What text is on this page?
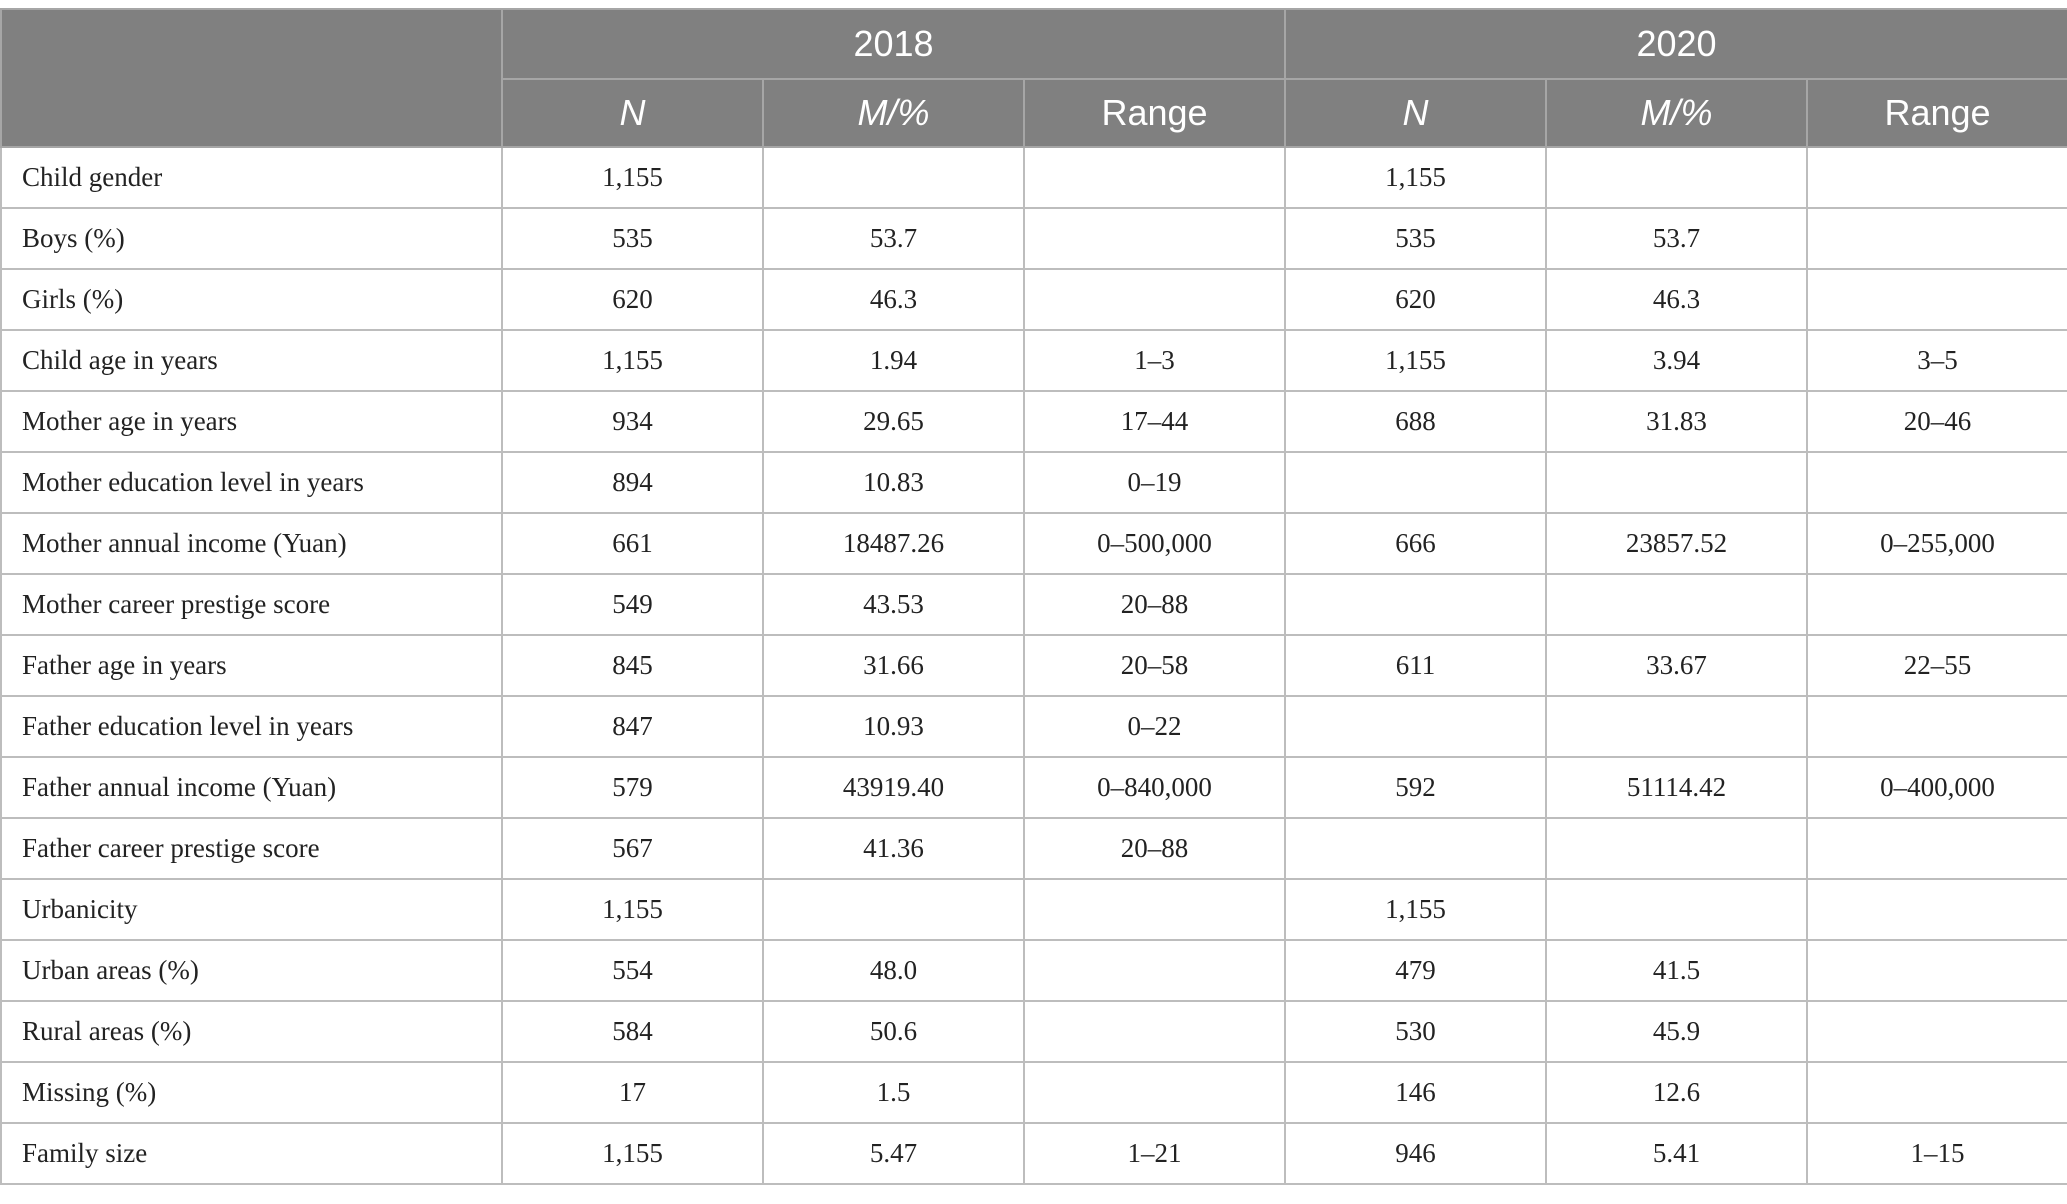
	2018			2020		
	N	M/%	Range	N	M/%	Range
Child gender	1,155			1,155		
Boys (%)	535	53.7		535	53.7	
Girls (%)	620	46.3		620	46.3	
Child age in years	1,155	1.94	1–3	1,155	3.94	3–5
Mother age in years	934	29.65	17–44	688	31.83	20–46
Mother education level in years	894	10.83	0–19			
Mother annual income (Yuan)	661	18487.26	0–500,000	666	23857.52	0–255,000
Mother career prestige score	549	43.53	20–88			
Father age in years	845	31.66	20–58	611	33.67	22–55
Father education level in years	847	10.93	0–22			
Father annual income (Yuan)	579	43919.40	0–840,000	592	51114.42	0–400,000
Father career prestige score	567	41.36	20–88			
Urbanicity	1,155			1,155		
Urban areas (%)	554	48.0		479	41.5	
Rural areas (%)	584	50.6		530	45.9	
Missing (%)	17	1.5		146	12.6	
Family size	1,155	5.47	1–21	946	5.41	1–15
